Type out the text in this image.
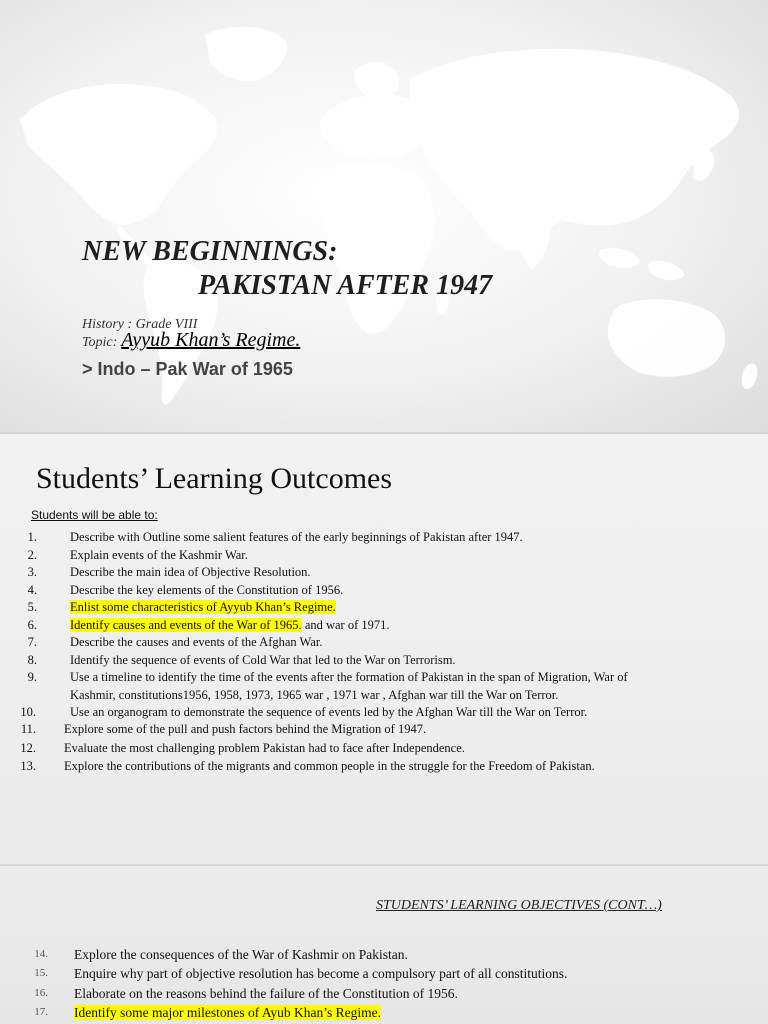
NEW BEGINNINGS:
PAKISTAN AFTER 1947
History : Grade VIII
Topic: Ayyub Khan’s Regime.
> Indo – Pak War of 1965
Students’ Learning Outcomes
Students will be able to:
1.	Describe with Outline some salient features of the early beginnings of Pakistan after 1947.
2.	Explain events of the Kashmir War.
3.	Describe the main idea of Objective Resolution.
4.	Describe the key elements of the Constitution of 1956.
5.	Enlist some characteristics of Ayyub Khan’s Regime.
6.	Identify causes and events of the War of 1965. and war of 1971.
7.	Describe the causes and events of the Afghan War.
8.	Identify the sequence of events of Cold War that led to the War on Terrorism.
9.	Use a timeline to identify the time of the events after the formation of Pakistan in the span of Migration, War of
Kashmir, constitutions1956, 1958, 1973, 1965 war , 1971 war , Afghan war till the War on Terror.
10.	Use an organogram to demonstrate the sequence of events led by the Afghan War till the War on Terror.
11. Explore some of the pull and push factors behind the Migration of 1947.
12. Evaluate the most challenging problem Pakistan had to face after Independence.
13. Explore the contributions of the migrants and common people in the struggle for the Freedom of Pakistan.
STUDENTS’ LEARNING OBJECTIVES (CONT…)
14. Explore the consequences of the War of Kashmir on Pakistan.
15. Enquire why part of objective resolution has become a compulsory part of all constitutions.
16. Elaborate on the reasons behind the failure of the Constitution of 1956.
17. Identify some major milestones of Ayub Khan’s Regime.
